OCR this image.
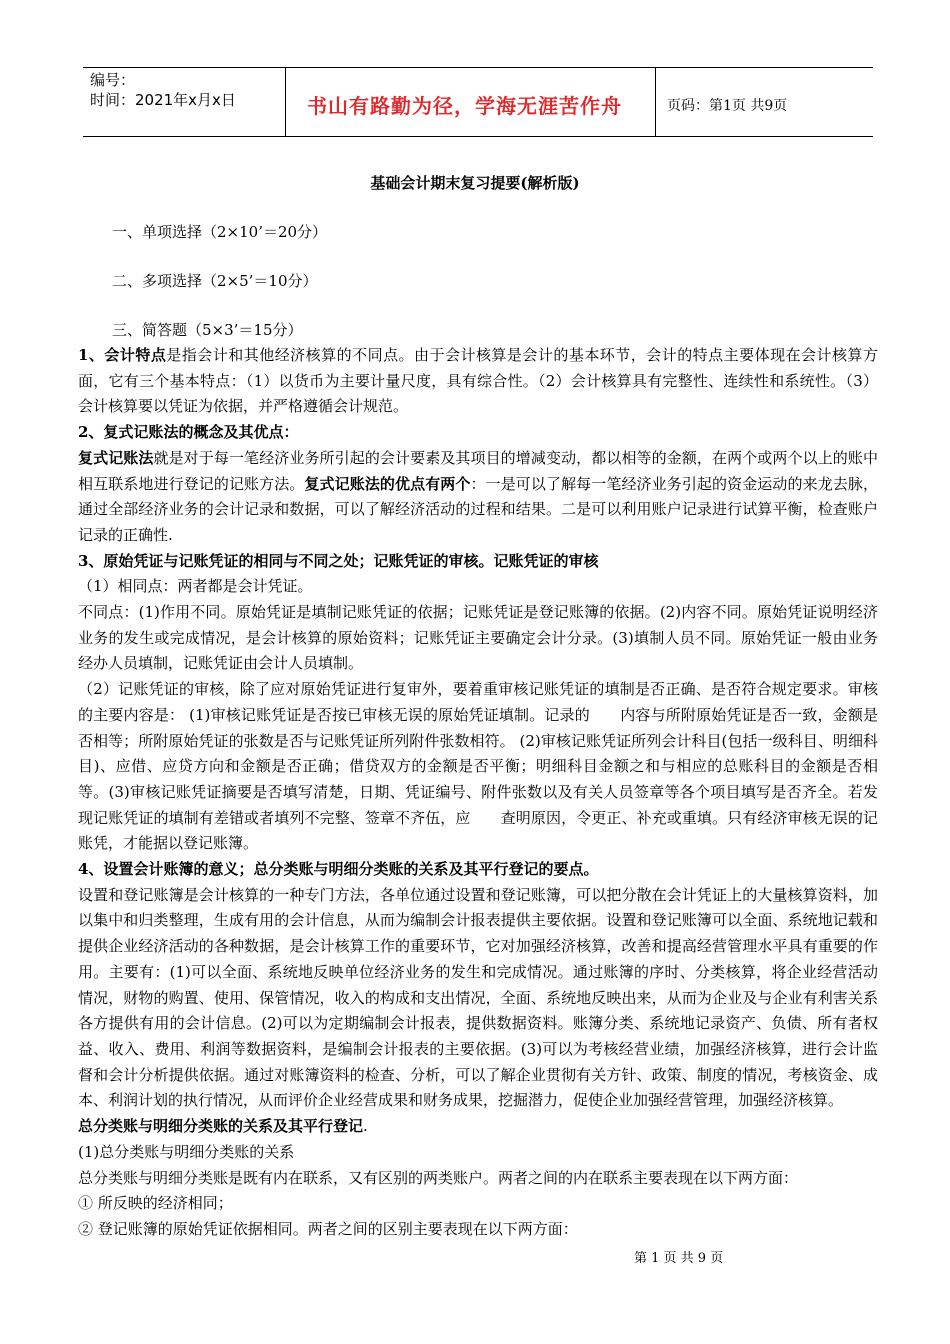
编号：
时间：2021年x月x日	书山有路勤为径，学海无涯苦作舟	页码：第1页 共9页
基础会计期末复习提要(解析版)
一、单项选择（2×10’＝20分）
二、多项选择（2×5’＝10分）
三、简答题（5×3’＝15分）

1、会计特点是指会计和其他经济核算的不同点。由于会计核算是会计的基本环节，会计的特点主要体现在会计核算方面，它有三个基本特点：（1）以货币为主要计量尺度，具有综合性。（2）会计核算具有完整性、连续性和系统性。（3）会计核算要以凭证为依据，并严格遵循会计规范。

2、复式记账法的概念及其优点：

复式记账法就是对于每一笔经济业务所引起的会计要素及其项目的增减变动，都以相等的金额，在两个或两个以上的账中相互联系地进行登记的记账方法。复式记账法的优点有两个：一是可以了解每一笔经济业务引起的资金运动的来龙去脉，通过全部经济业务的会计记录和数据，可以了解经济活动的过程和结果。二是可以利用账户记录进行试算平衡，检查账户记录的正确性.

3、原始凭证与记账凭证的相同与不同之处；记账凭证的审核。记账凭证的审核

（1）相同点：两者都是会计凭证。

不同点：(1)作用不同。原始凭证是填制记账凭证的依据；记账凭证是登记账簿的依据。(2)内容不同。原始凭证说明经济业务的发生或完成情况，是会计核算的原始资料；记账凭证主要确定会计分录。(3)填制人员不同。原始凭证一般由业务经办人员填制，记账凭证由会计人员填制。

（2）记账凭证的审核，除了应对原始凭证进行复审外，要着重审核记账凭证的填制是否正确、是否符合规定要求。审核的主要内容是： (1)审核记账凭证是否按已审核无误的原始凭证填制。记录的　　内容与所附原始凭证是否一致，金额是否相等；所附原始凭证的张数是否与记账凭证所列附件张数相符。 (2)审核记账凭证所列会计科目(包括一级科目、明细科目)、应借、应贷方向和金额是否正确；借贷双方的金额是否平衡；明细科目金额之和与相应的总账科目的金额是否相等。(3)审核记账凭证摘要是否填写清楚，日期、凭证编号、附件张数以及有关人员签章等各个项目填写是否齐全。若发现记账凭证的填制有差错或者填列不完整、签章不齐伍，应　　查明原因，令更正、补充或重填。只有经济审核无误的记账凭，才能据以登记账簿。

4、设置会计账簿的意义；总分类账与明细分类账的关系及其平行登记的要点。

设置和登记账簿是会计核算的一种专门方法，各单位通过设置和登记账簿，可以把分散在会计凭证上的大量核算资料，加以集中和归类整理，生成有用的会计信息，从而为编制会计报表提供主要依据。设置和登记账簿可以全面、系统地记载和提供企业经济活动的各种数据，是会计核算工作的重要环节，它对加强经济核算，改善和提高经营管理水平具有重要的作用。主要有：(1)可以全面、系统地反映单位经济业务的发生和完成情况。通过账簿的序时、分类核算，将企业经营活动情况，财物的购置、使用、保管情况，收入的构成和支出情况，全面、系统地反映出来，从而为企业及与企业有利害关系各方提供有用的会计信息。(2)可以为定期编制会计报表，提供数据资料。账簿分类、系统地记录资产、负债、所有者权益、收入、费用、利润等数据资料，是编制会计报表的主要依据。(3)可以为考核经营业绩，加强经济核算，进行会计监督和会计分析提供依据。通过对账簿资料的检查、分析，可以了解企业贯彻有关方针、政策、制度的情况，考核资金、成本、利润计划的执行情况，从而评价企业经营成果和财务成果，挖掘潜力，促使企业加强经营管理，加强经济核算。

总分类账与明细分类账的关系及其平行登记.

(1)总分类账与明细分类账的关系

总分类账与明细分类账是既有内在联系，又有区别的两类账户。两者之间的内在联系主要表现在以下两方面：

① 所反映的经济相同；

② 登记账簿的原始凭证依据相同。两者之间的区别主要表现在以下两方面：

第 1 页 共 9 页
